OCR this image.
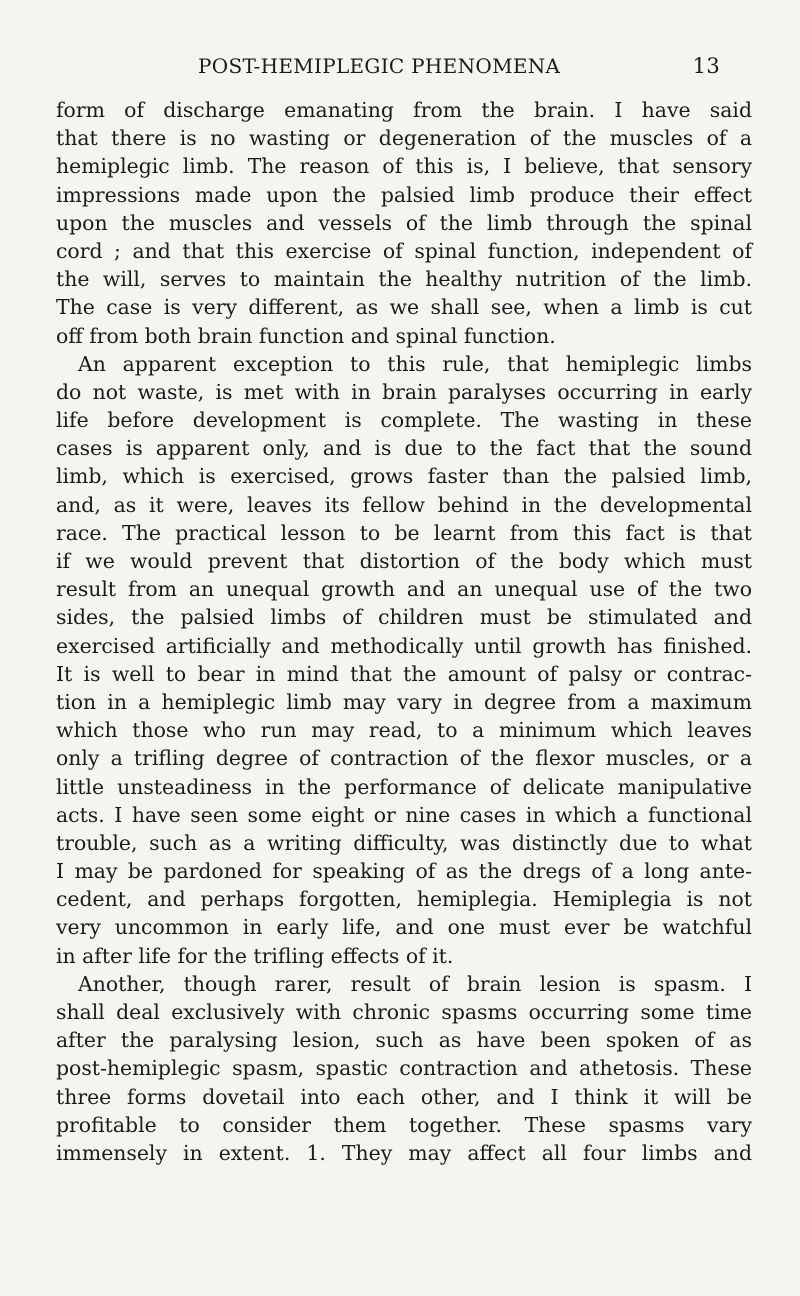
POST-HEMIPLEGIC PHENOMENA	13
form of discharge emanating from the brain. I have said
that there is no wasting or degeneration of the muscles of a
hemiplegic limb. The reason of this is, I believe, that sensory
impressions made upon the palsied limb produce their effect
upon the muscles and vessels of the limb through the spinal
cord ; and that this exercise of spinal function, independent of
the will, serves to maintain the healthy nutrition of the limb.
The case is very different, as we shall see, when a limb is cut
off from both brain function and spinal function.
An apparent exception to this rule, that hemiplegic limbs
do not waste, is met with in brain paralyses occurring in early
life before development is complete. The wasting in these
cases is apparent only, and is due to the fact that the sound
limb, which is exercised, grows faster than the palsied limb,
and, as it were, leaves its fellow behind in the developmental
race. The practical lesson to be learnt from this fact is that
if we would prevent that distortion of the body which must
result from an unequal growth and an unequal use of the two
sides, the palsied limbs of children must be stimulated and
exercised artificially and methodically until growth has finished.
It is well to bear in mind that the amount of palsy or contrac-
tion in a hemiplegic limb may vary in degree from a maximum
which those who run may read, to a minimum which leaves
only a trifling degree of contraction of the flexor muscles, or a
little unsteadiness in the performance of delicate manipulative
acts. I have seen some eight or nine cases in which a functional
trouble, such as a writing difficulty, was distinctly due to what
I may be pardoned for speaking of as the dregs of a long ante-
cedent, and perhaps forgotten, hemiplegia. Hemiplegia is not
very uncommon in early life, and one must ever be watchful
in after life for the trifling effects of it.
Another, though rarer, result of brain lesion is spasm. I
shall deal exclusively with chronic spasms occurring some time
after the paralysing lesion, such as have been spoken of as
post-hemiplegic spasm, spastic contraction and athetosis. These
three forms dovetail into each other, and I think it will be
profitable to consider them together. These spasms vary
immensely in extent. 1. They may affect all four limbs and
